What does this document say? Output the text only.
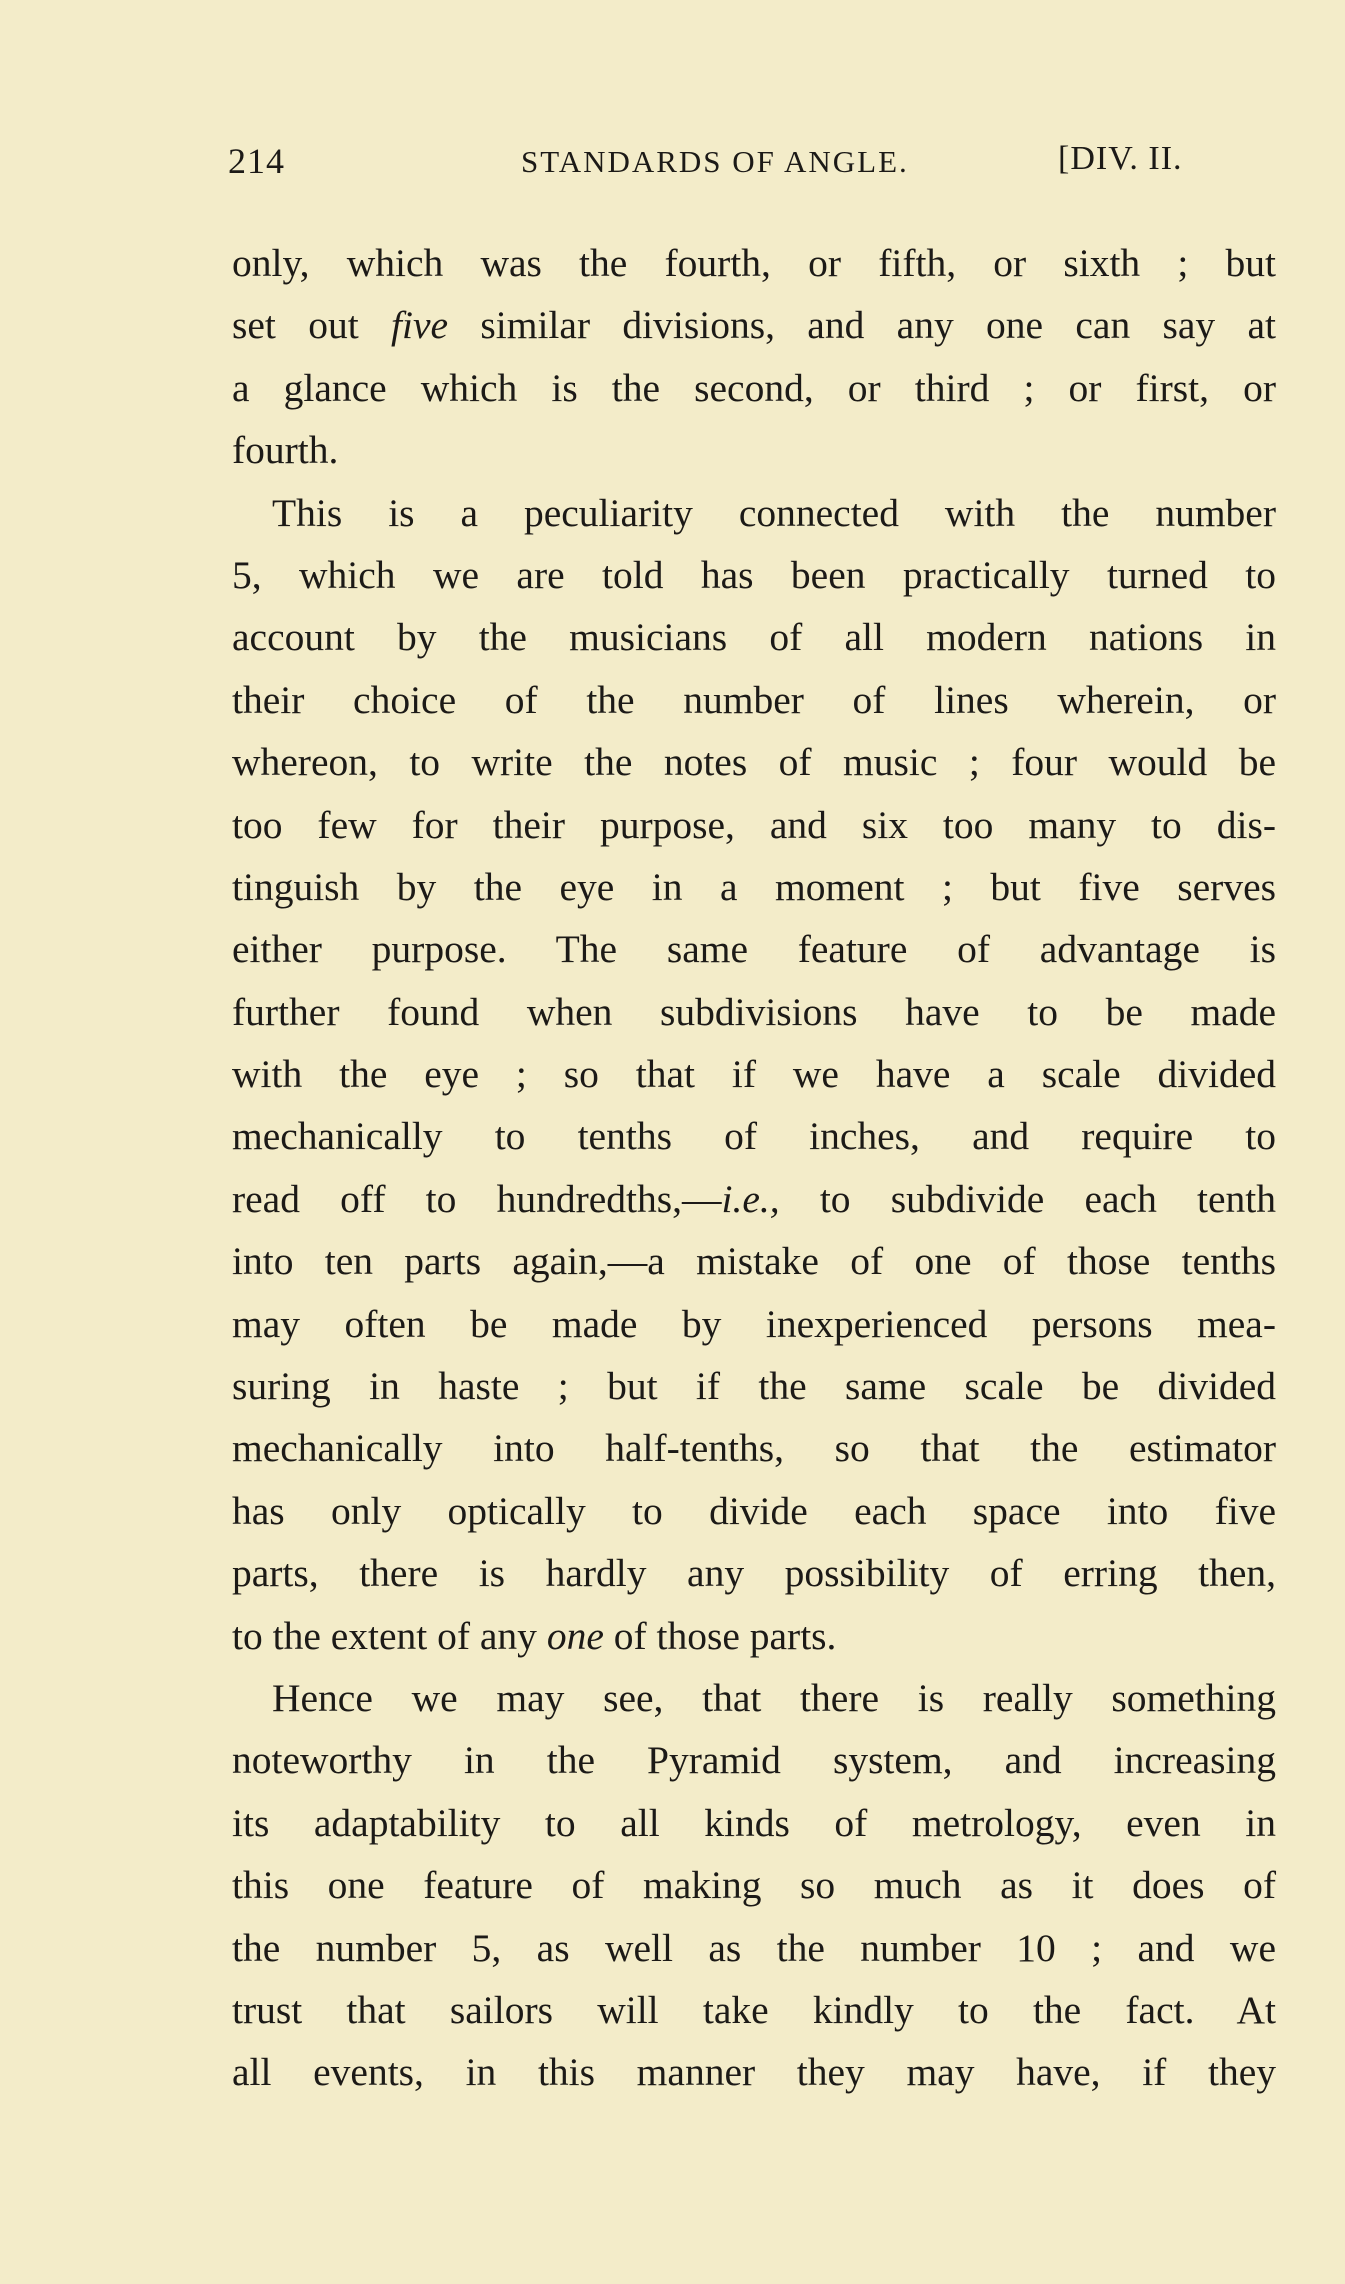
214	STANDARDS OF ANGLE.	[DIV. II.
only, which was the fourth, or fifth, or sixth ; but
set out five similar divisions, and any one can say at
a glance which is the second, or third ; or first, or
fourth.
This is a peculiarity connected with the number
5, which we are told has been practically turned to
account by the musicians of all modern nations in
their choice of the number of lines wherein, or
whereon, to write the notes of music ; four would be
too few for their purpose, and six too many to dis-
tinguish by the eye in a moment ; but five serves
either purpose. The same feature of advantage is
further found when subdivisions have to be made
with the eye ; so that if we have a scale divided
mechanically to tenths of inches, and require to
read off to hundredths,—i.e., to subdivide each tenth
into ten parts again,—a mistake of one of those tenths
may often be made by inexperienced persons mea-
suring in haste ; but if the same scale be divided
mechanically into half-tenths, so that the estimator
has only optically to divide each space into five
parts, there is hardly any possibility of erring then,
to the extent of any one of those parts.
Hence we may see, that there is really something
noteworthy in the Pyramid system, and increasing
its adaptability to all kinds of metrology, even in
this one feature of making so much as it does of
the number 5, as well as the number 10 ; and we
trust that sailors will take kindly to the fact. At
all events, in this manner they may have, if they
